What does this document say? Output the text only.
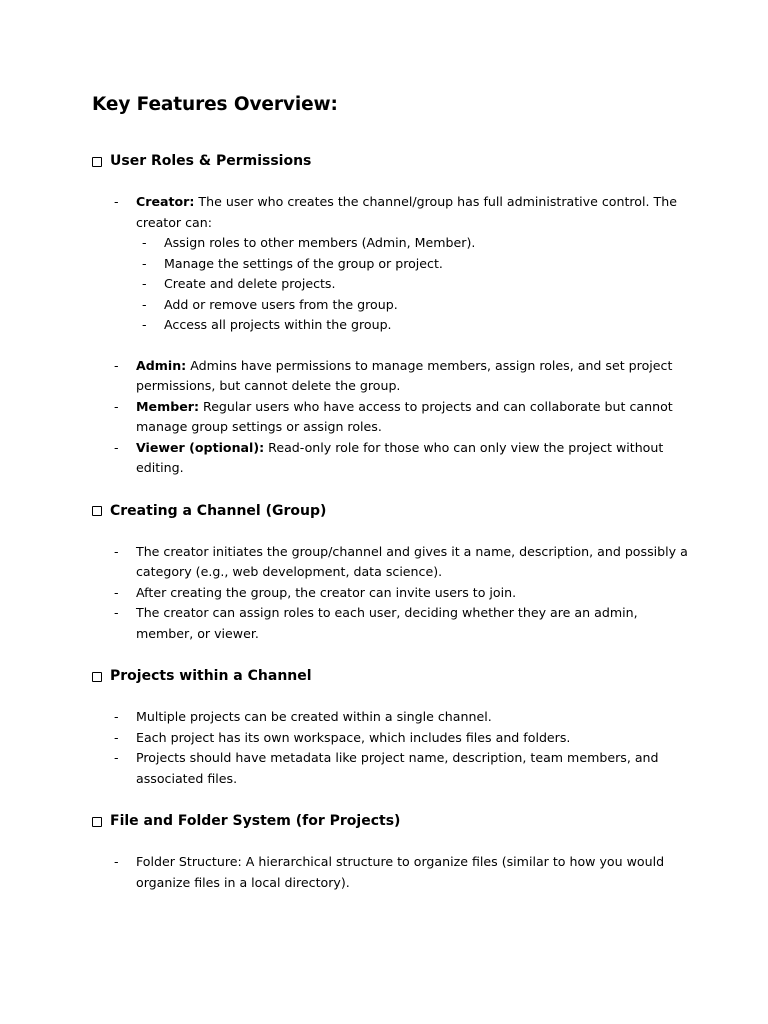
Key Features Overview:
User Roles & Permissions
- Creator: The user who creates the channel/group has full administrative control. The creator can:
- Assign roles to other members (Admin, Member).
- Manage the settings of the group or project.
- Create and delete projects.
- Add or remove users from the group.
- Access all projects within the group.
- Admin: Admins have permissions to manage members, assign roles, and set project permissions, but cannot delete the group.
- Member: Regular users who have access to projects and can collaborate but cannot manage group settings or assign roles.
- Viewer (optional): Read-only role for those who can only view the project without editing.
Creating a Channel (Group)
- The creator initiates the group/channel and gives it a name, description, and possibly a category (e.g., web development, data science).
- After creating the group, the creator can invite users to join.
- The creator can assign roles to each user, deciding whether they are an admin, member, or viewer.
Projects within a Channel
- Multiple projects can be created within a single channel.
- Each project has its own workspace, which includes files and folders.
- Projects should have metadata like project name, description, team members, and associated files.
File and Folder System (for Projects)
- Folder Structure: A hierarchical structure to organize files (similar to how you would organize files in a local directory).
